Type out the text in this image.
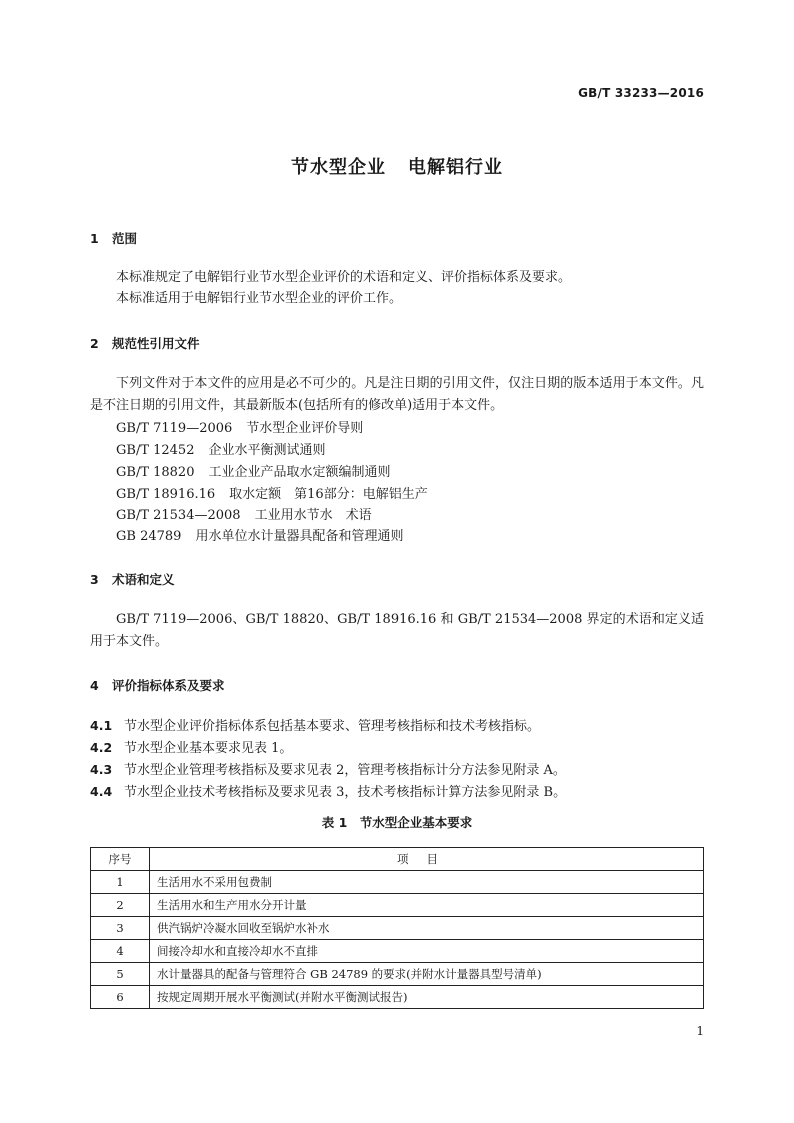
GB/T 33233—2016
节水型企业 电解铝行业
1 范围
本标准规定了电解铝行业节水型企业评价的术语和定义、评价指标体系及要求。
本标准适用于电解铝行业节水型企业的评价工作。
2 规范性引用文件
下列文件对于本文件的应用是必不可少的。凡是注日期的引用文件，仅注日期的版本适用于本文件。凡是不注日期的引用文件，其最新版本(包括所有的修改单)适用于本文件。
GB/T 7119—2006 节水型企业评价导则
GB/T 12452 企业水平衡测试通则
GB/T 18820 工业企业产品取水定额编制通则
GB/T 18916.16 取水定额　第16部分：电解铝生产
GB/T 21534—2008 工业用水节水　术语
GB 24789 用水单位水计量器具配备和管理通则
3 术语和定义
GB/T 7119—2006、GB/T 18820、GB/T 18916.16 和 GB/T 21534—2008 界定的术语和定义适用于本文件。
4 评价指标体系及要求
4.1 节水型企业评价指标体系包括基本要求、管理考核指标和技术考核指标。
4.2 节水型企业基本要求见表 1。
4.3 节水型企业管理考核指标及要求见表 2，管理考核指标计分方法参见附录 A。
4.4 节水型企业技术考核指标及要求见表 3，技术考核指标计算方法参见附录 B。
表 1　节水型企业基本要求
序号	项目
1	生活用水不采用包费制
2	生活用水和生产用水分开计量
3	供汽锅炉冷凝水回收至锅炉水补水
4	间接冷却水和直接冷却水不直排
5	水计量器具的配备与管理符合 GB 24789 的要求(并附水计量器具型号清单)
6	按规定周期开展水平衡测试(并附水平衡测试报告)
1
